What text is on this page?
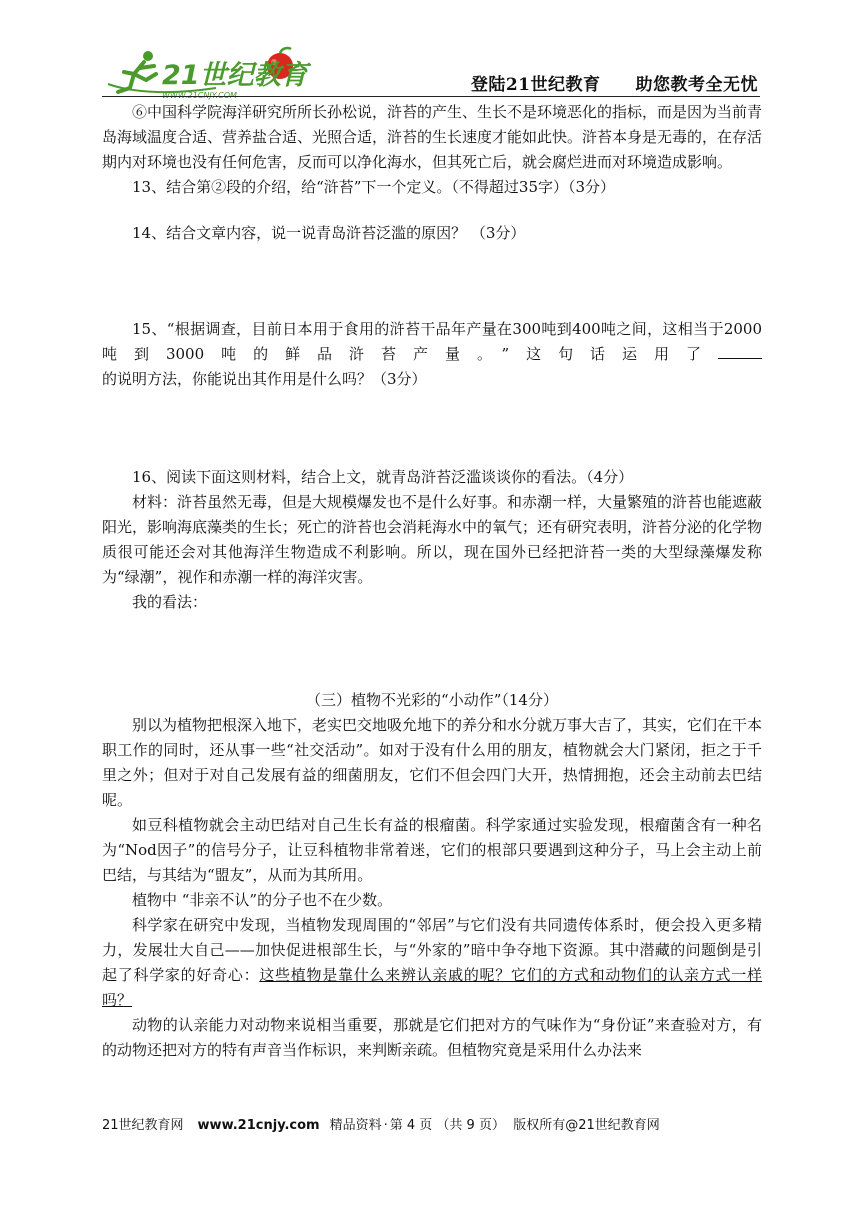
21世纪教育
WWW.21CNJY.COM
登陆21世纪教育　　助您教考全无忧

⑥中国科学院海洋研究所所长孙松说，浒苔的产生、生长不是环境恶化的指标，而是因为当前青岛海域温度合适、营养盐合适、光照合适，浒苔的生长速度才能如此快。浒苔本身是无毒的，在存活期内对环境也没有任何危害，反而可以净化海水，但其死亡后，就会腐烂进而对环境造成影响。

13、结合第②段的介绍，给“浒苔”下一个定义。（不得超过35字）（3分）

14、结合文章内容，说一说青岛浒苔泛滥的原因？ （3分）

15、“根据调查，目前日本用于食用的浒苔干品年产量在300吨到400吨之间，这相当于2000吨到3000吨的鲜品浒苔产量。”这句话运用了的说明方法，你能说出其作用是什么吗？（3分）

16、阅读下面这则材料，结合上文，就青岛浒苔泛滥谈谈你的看法。（4分）

材料：浒苔虽然无毒，但是大规模爆发也不是什么好事。和赤潮一样，大量繁殖的浒苔也能遮蔽阳光，影响海底藻类的生长；死亡的浒苔也会消耗海水中的氧气；还有研究表明，浒苔分泌的化学物质很可能还会对其他海洋生物造成不利影响。所以，现在国外已经把浒苔一类的大型绿藻爆发称为“绿潮”，视作和赤潮一样的海洋灾害。

我的看法：

（三）植物不光彩的“小动作”（14分）

别以为植物把根深入地下，老实巴交地吸允地下的养分和水分就万事大吉了，其实，它们在干本职工作的同时，还从事一些“社交活动”。如对于没有什么用的朋友，植物就会大门紧闭，拒之于千里之外；但对于对自己发展有益的细菌朋友，它们不但会四门大开，热情拥抱，还会主动前去巴结呢。

如豆科植物就会主动巴结对自己生长有益的根瘤菌。科学家通过实验发现，根瘤菌含有一种名为“Nod因子”的信号分子，让豆科植物非常着迷，它们的根部只要遇到这种分子，马上会主动上前巴结，与其结为“盟友”，从而为其所用。

植物中 “非亲不认”的分子也不在少数。

科学家在研究中发现，当植物发现周围的“邻居”与它们没有共同遗传体系时，便会投入更多精力，发展壮大自己——加快促进根部生长，与“外家的”暗中争夺地下资源。其中潜藏的问题倒是引起了科学家的好奇心：这些植物是靠什么来辨认亲戚的呢？它们的方式和动物们的认亲方式一样吗？

动物的认亲能力对动物来说相当重要，那就是它们把对方的气味作为“身份证”来查验对方，有的动物还把对方的特有声音当作标识，来判断亲疏。但植物究竟是采用什么办法来

21世纪教育网 www.21cnjy.com 精品资料 · 第 4 页 （共 9 页） 版权所有@21世纪教育网
